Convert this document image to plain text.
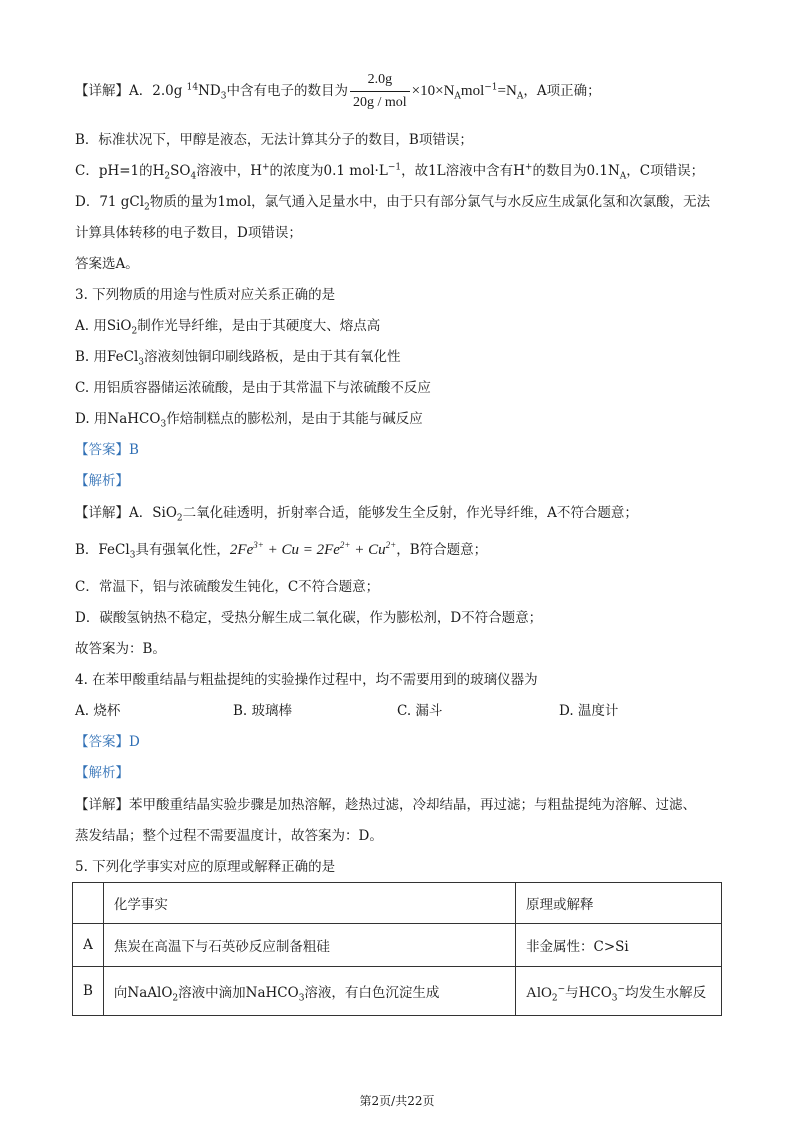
【详解】A．2.0g $^{14}ND_3$中含有电子的数目为 $\frac{2.0g}{\text{20g / mol}} \times 10\times N_Amol^{-1}=N_A$，A项正确；
B．标准状况下，甲醇是液态，无法计算其分子的数目，B项错误；
C．pH=1的$H_2SO_4$溶液中，H+的浓度为0.1 $mol\cdot L^{-1}$，故1L溶液中含有H+的数目为$0.1N_A$，C项错误；
D．71 gCl$_2$物质的量为1mol，氯气通入足量水中，由于只有部分氯气与水反应生成氯化氢和次氯酸，无法
计算具体转移的电子数目，D项错误；
答案选A。
3. 下列物质的用途与性质对应关系正确的是
A. 用SiO$_2$制作光导纤维，是由于其硬度大、熔点高
B. 用FeCl$_3$溶液刻蚀铜印刷线路板，是由于其有氧化性
C. 用铝质容器储运浓硫酸，是由于其常温下与浓硫酸不反应
D. 用NaHCO$_3$作焙制糕点的膨松剂，是由于其能与碱反应
【答案】B
【解析】
【详解】A．SiO$_2$二氧化硅透明，折射率合适，能够发生全反射，作光导纤维，A不符合题意；
B．FeCl$_3$具有强氧化性，$2Fe^{3+} + Cu = 2Fe^{2+} + Cu^{2+}$，B符合题意；
C．常温下，铝与浓硫酸发生钝化，C不符合题意；
D．碳酸氢钠热不稳定，受热分解生成二氧化碳，作为膨松剂，D不符合题意；
故答案为：B。
4. 在苯甲酸重结晶与粗盐提纯的实验操作过程中，均不需要用到的玻璃仪器为
A. 烧杯	B. 玻璃棒	C. 漏斗	D. 温度计
【答案】D
【解析】
【详解】苯甲酸重结晶实验步骤是加热溶解，趁热过滤，冷却结晶，再过滤；与粗盐提纯为溶解、过滤、
蒸发结晶；整个过程不需要温度计，故答案为：D。
5. 下列化学事实对应的原理或解释正确的是
	化学事实	原理或解释
A	焦炭在高温下与石英砂反应制备粗硅	非金属性：C>Si
B	向NaAlO$_2$溶液中滴加NaHCO$_3$溶液，有白色沉淀生成	AlO$_2$−与$HCO_3^-$均发生水解反
第2页/共22页
